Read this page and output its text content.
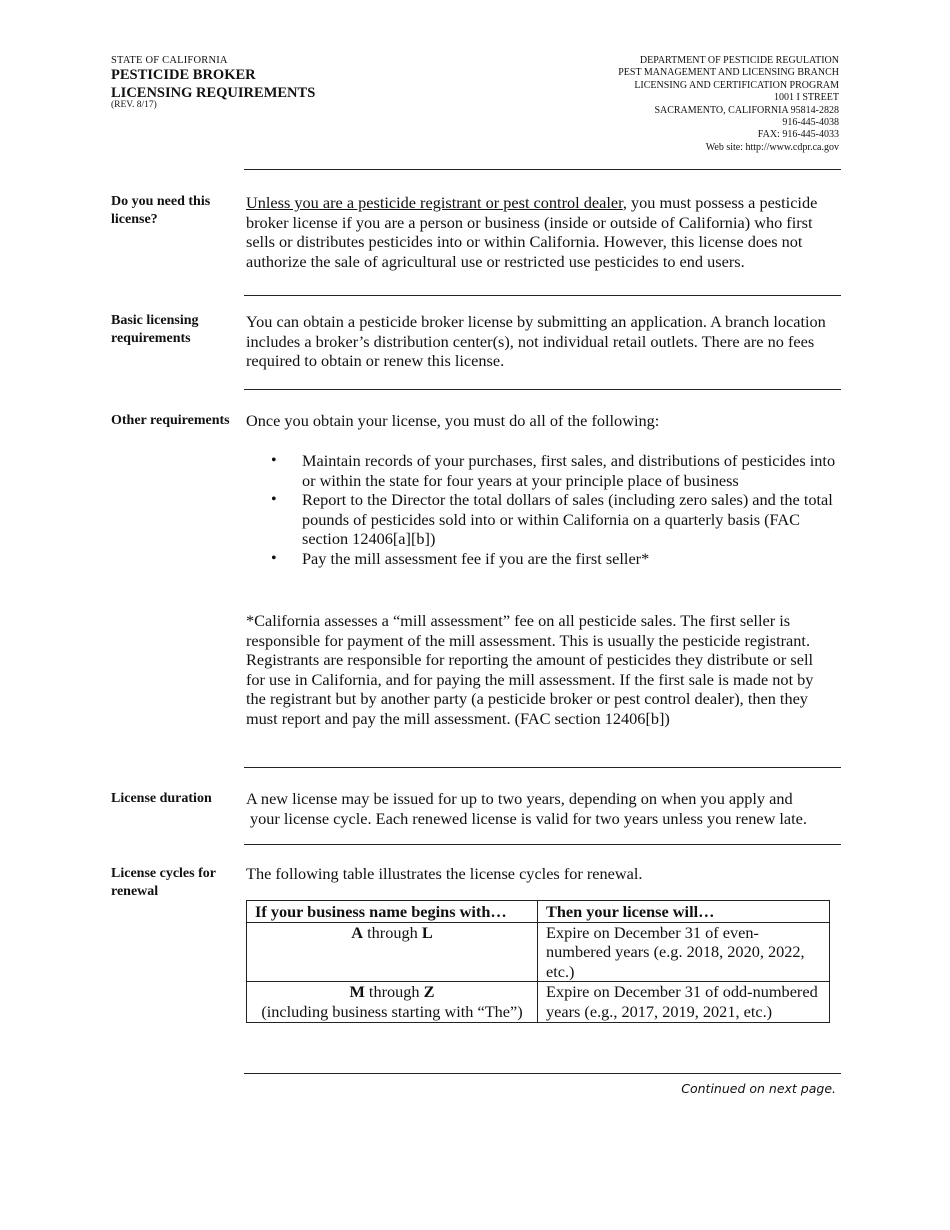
STATE OF CALIFORNIA
PESTICIDE BROKER
LICENSING REQUIREMENTS
(REV. 8/17)
DEPARTMENT OF PESTICIDE REGULATION
PEST MANAGEMENT AND LICENSING BRANCH
LICENSING AND CERTIFICATION PROGRAM
1001 I STREET
SACRAMENTO, CALIFORNIA 95814-2828
916-445-4038
FAX: 916-445-4033
Web site: http://www.cdpr.ca.gov
Do you need this license?
Unless you are a pesticide registrant or pest control dealer, you must possess a pesticide broker license if you are a person or business (inside or outside of California) who first sells or distributes pesticides into or within California. However, this license does not authorize the sale of agricultural use or restricted use pesticides to end users.
Basic licensing requirements
You can obtain a pesticide broker license by submitting an application. A branch location includes a broker’s distribution center(s), not individual retail outlets. There are no fees required to obtain or renew this license.
Other requirements	Once you obtain your license, you must do all of the following:
• Maintain records of your purchases, first sales, and distributions of pesticides into or within the state for four years at your principle place of business
• Report to the Director the total dollars of sales (including zero sales) and the total pounds of pesticides sold into or within California on a quarterly basis (FAC section 12406[a][b])
• Pay the mill assessment fee if you are the first seller*
*California assesses a “mill assessment” fee on all pesticide sales. The first seller is responsible for payment of the mill assessment. This is usually the pesticide registrant. Registrants are responsible for reporting the amount of pesticides they distribute or sell for use in California, and for paying the mill assessment. If the first sale is made not by the registrant but by another party (a pesticide broker or pest control dealer), then they must report and pay the mill assessment. (FAC section 12406[b])
License duration	A new license may be issued for up to two years, depending on when you apply and
your license cycle. Each renewed license is valid for two years unless you renew late.
License cycles for renewal
The following table illustrates the license cycles for renewal.
If your business name begins with…	Then your license will…
A through L	Expire on December 31 of even-numbered years (e.g. 2018, 2020, 2022, etc.)
M through Z
(including business starting with “The”)	Expire on December 31 of odd-numbered years (e.g., 2017, 2019, 2021, etc.)
Continued on next page.
